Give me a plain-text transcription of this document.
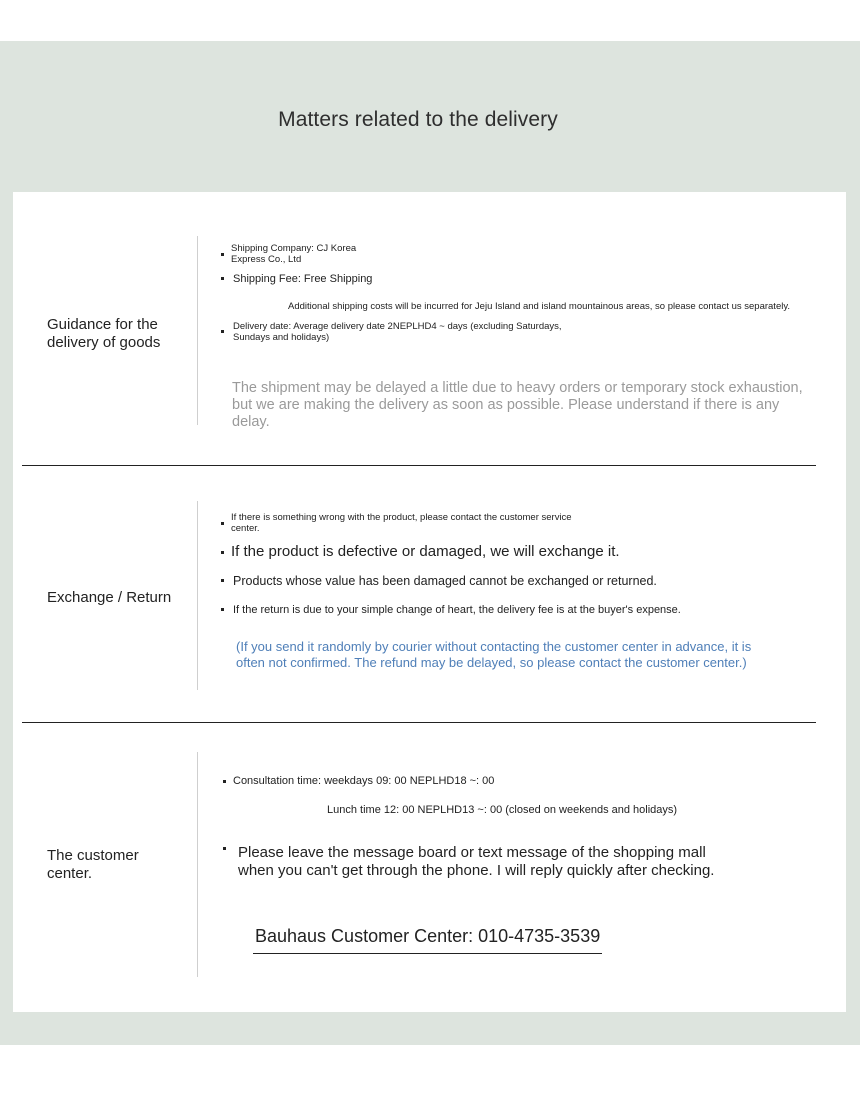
Matters related to the delivery
Guidance for the
delivery of goods
Shipping Company: CJ Korea
Express Co., Ltd
Shipping Fee: Free Shipping
Additional shipping costs will be incurred for Jeju Island and island mountainous areas, so please contact us separately.
Delivery date: Average delivery date 2NEPLHD4 ~ days (excluding Saturdays,
Sundays and holidays)
The shipment may be delayed a little due to heavy orders or temporary stock exhaustion, but we are making the delivery as soon as possible. Please understand if there is any delay.
Exchange / Return
If there is something wrong with the product, please contact the customer service
center.
If the product is defective or damaged, we will exchange it.
Products whose value has been damaged cannot be exchanged or returned.
If the return is due to your simple change of heart, the delivery fee is at the buyer's expense.
(If you send it randomly by courier without contacting the customer center in advance, it is often not confirmed. The refund may be delayed, so please contact the customer center.)
The customer
center.
Consultation time: weekdays 09: 00 NEPLHD18 ~: 00
Lunch time 12: 00 NEPLHD13 ~: 00 (closed on weekends and holidays)
Please leave the message board or text message of the shopping mall
when you can't get through the phone. I will reply quickly after checking.
Bauhaus Customer Center: 010-4735-3539
